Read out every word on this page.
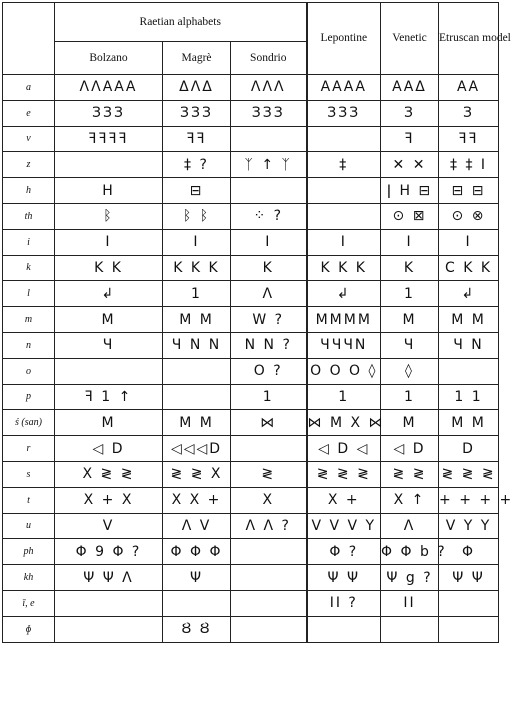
	Raetian alphabets			Lepontine	Venetic	Etruscan model
	Bolzano	Magrè	Sondrio			
a	ΛΛΑΑΑ	ΔΛΔ	ΛΛΛ	ΑΑΑΑ	ΑΑΔ	ΑΑ
e	ЗЗЗ	ЗЗЗ	ЗЗЗ	ЗЗЗ	З	З
v	ꟻꟻꟻꟻ	ꟻꟻ			ꟻ	ꟻꟻ
z		‡ ?	ᛉ ↑ ᛉ	‡	✕ ✕	‡ ‡ I
h	H	⊟			ǀ H ⊟	⊟ ⊟
th	ᛒ	ᛒ ᛒ	⁘ ?		⊙ ⊠	⊙ ⊗
i	I	I	I	I	I	I
k	K K	K K K	K	K K K	K	C K K
l	↲	1	Λ	↲	1	↲
m	M	M M	W ?	MMMM	M	M M
n	Ч	Ч N N	N N ?	ЧЧЧN	Ч	Ч N
o			O ?	O O O ◊	◊	
p	ꟻ 1 ↑		1	1	1	1 1
ś (san)	M	M M	⋈	⋈ M X ⋈	M	M M
r	◁ D	◁◁◁D		◁ D ◁	◁ D	D
s	X ≷ ≷	≷ ≷ X	≷	≷ ≷ ≷	≷ ≷	≷ ≷ ≷
t	X + X	X X +	X	X +	X ↑	+ + + +
u	V	Λ V	Λ Λ ?	V V V Y	Λ	V Y Y
ph	Φ 9 Φ ?	Φ Φ Φ		Φ ?	Φ Φ b ?	Φ
kh	Ψ Ψ Λ	Ψ		Ψ Ψ	Ψ g ?	Ψ Ψ
ī, e				II ?	II	
ɸ		Ȣ Ȣ				
